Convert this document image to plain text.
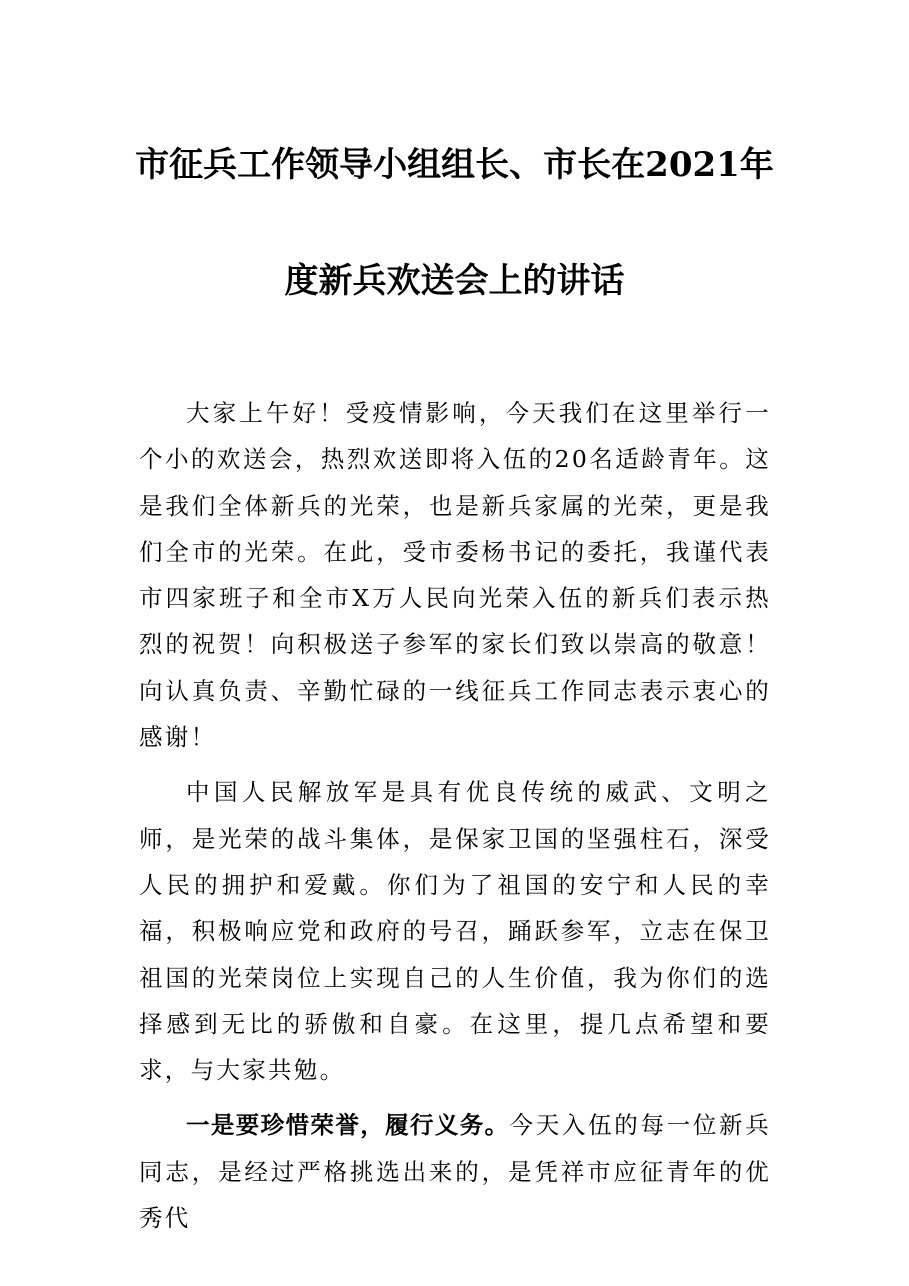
市征兵工作领导小组组长、市长在2021年
度新兵欢送会上的讲话

大家上午好！受疫情影响，今天我们在这里举行一个小的欢送会，热烈欢送即将入伍的20名适龄青年。这是我们全体新兵的光荣，也是新兵家属的光荣，更是我们全市的光荣。在此，受市委杨书记的委托，我谨代表市四家班子和全市X万人民向光荣入伍的新兵们表示热烈的祝贺！向积极送子参军的家长们致以崇高的敬意！向认真负责、辛勤忙碌的一线征兵工作同志表示衷心的感谢！

中国人民解放军是具有优良传统的威武、文明之师，是光荣的战斗集体，是保家卫国的坚强柱石，深受人民的拥护和爱戴。你们为了祖国的安宁和人民的幸福，积极响应党和政府的号召，踊跃参军，立志在保卫祖国的光荣岗位上实现自己的人生价值，我为你们的选择感到无比的骄傲和自豪。在这里，提几点希望和要求，与大家共勉。

一是要珍惜荣誉，履行义务。今天入伍的每一位新兵同志，是经过严格挑选出来的，是凭祥市应征青年的优秀代
